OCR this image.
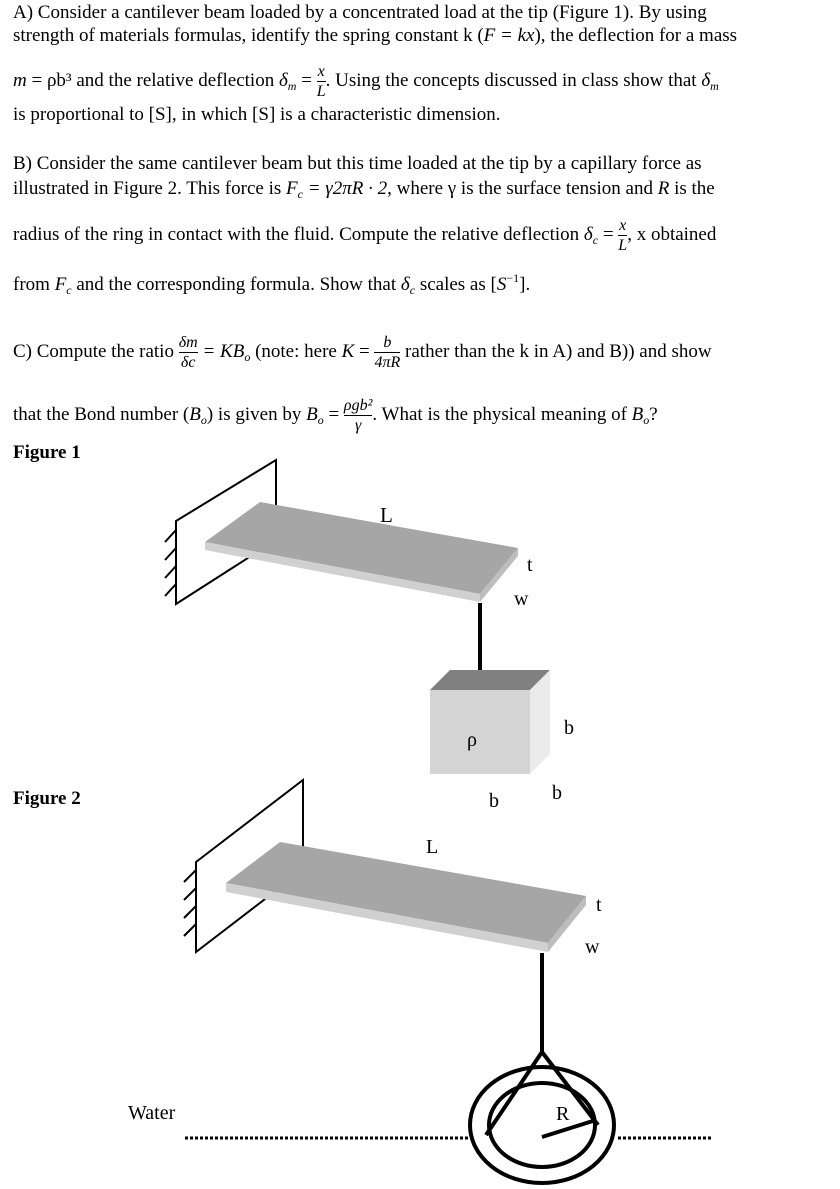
A) Consider a cantilever beam loaded by a concentrated load at the tip (Figure 1). By using
strength of materials formulas, identify the spring constant k (F = kx), the deflection for a mass
m = ρb³ and the relative deflection $\delta_m = \frac{x}{L}$ . Using the concepts discussed in class show that $\delta_m$
is proportional to [S], in which [S] is a characteristic dimension.
B) Consider the same cantilever beam but this time loaded at the tip by a capillary force as
illustrated in Figure 2. This force is $F_c = \gamma 2\pi R \cdot 2$, where γ is the surface tension and R is the
radius of the ring in contact with the fluid. Compute the relative deflection $\delta_c = \frac{x}{L}$ , x obtained
from $F_c$ and the corresponding formula. Show that $\delta_c$ scales as $[S^{-1}]$.
C) Compute the ratio $\frac{\delta m}{\delta c} = KB_o$ (note: here $K = \frac{b}{4\pi R}$ rather than the k in A) and B)) and show
that the Bond number $(B_o)$ is given by $B_o = \frac{\text{ρgb²}}{\gamma}$ . What is the physical meaning of $B_o$?
Figure 1
Figure 2
L
t
w
ρ
b
b	b
L
t
w
R
Water
